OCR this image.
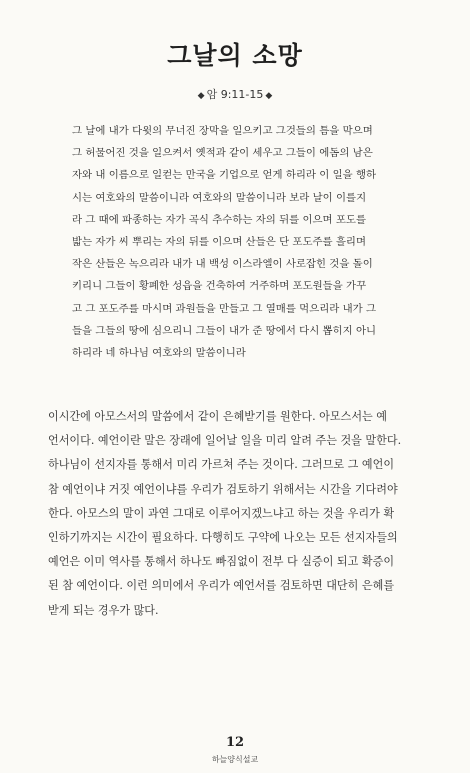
그날의 소망
◆ 암 9:11-15 ◆
그 날에 내가 다윗의 무너진 장막을 일으키고 그것들의 틈을 막으며
그 허물어진 것을 일으켜서 옛적과 같이 세우고 그들이 에돔의 남은
자와 내 이름으로 일컫는 만국을 기업으로 얻게 하리라 이 일을 행하
시는 여호와의 말씀이니라 여호와의 말씀이니라 보라 날이 이를지
라 그 때에 파종하는 자가 곡식 추수하는 자의 뒤를 이으며 포도를
밟는 자가 씨 뿌리는 자의 뒤를 이으며 산들은 단 포도주를 흘리며
작은 산들은 녹으리라 내가 내 백성 이스라엘이 사로잡힌 것을 돌이
키리니 그들이 황폐한 성읍을 건축하여 거주하며 포도원들을 가꾸
고 그 포도주를 마시며 과원들을 만들고 그 열매를 먹으리라 내가 그
들을 그들의 땅에 심으리니 그들이 내가 준 땅에서 다시 뽑히지 아니
하리라 네 하나님 여호와의 말씀이니라
이시간에 아모스서의 말씀에서 같이 은혜받기를 원한다. 아모스서는 예
언서이다. 예언이란 말은 장래에 일어날 일을 미리 알려 주는 것을 말한다.
하나님이 선지자를 통해서 미리 가르쳐 주는 것이다. 그러므로 그 예언이
참 예언이냐 거짓 예언이냐를 우리가 검토하기 위해서는 시간을 기다려야
한다. 아모스의 말이 과연 그대로 이루어지겠느냐고 하는 것을 우리가 확
인하기까지는 시간이 필요하다. 다행히도 구약에 나오는 모든 선지자들의
예언은 이미 역사를 통해서 하나도 빠짐없이 전부 다 실증이 되고 확증이
된 참 예언이다. 이런 의미에서 우리가 예언서를 검토하면 대단히 은혜를
받게 되는 경우가 많다.
12
하늘양식설교
